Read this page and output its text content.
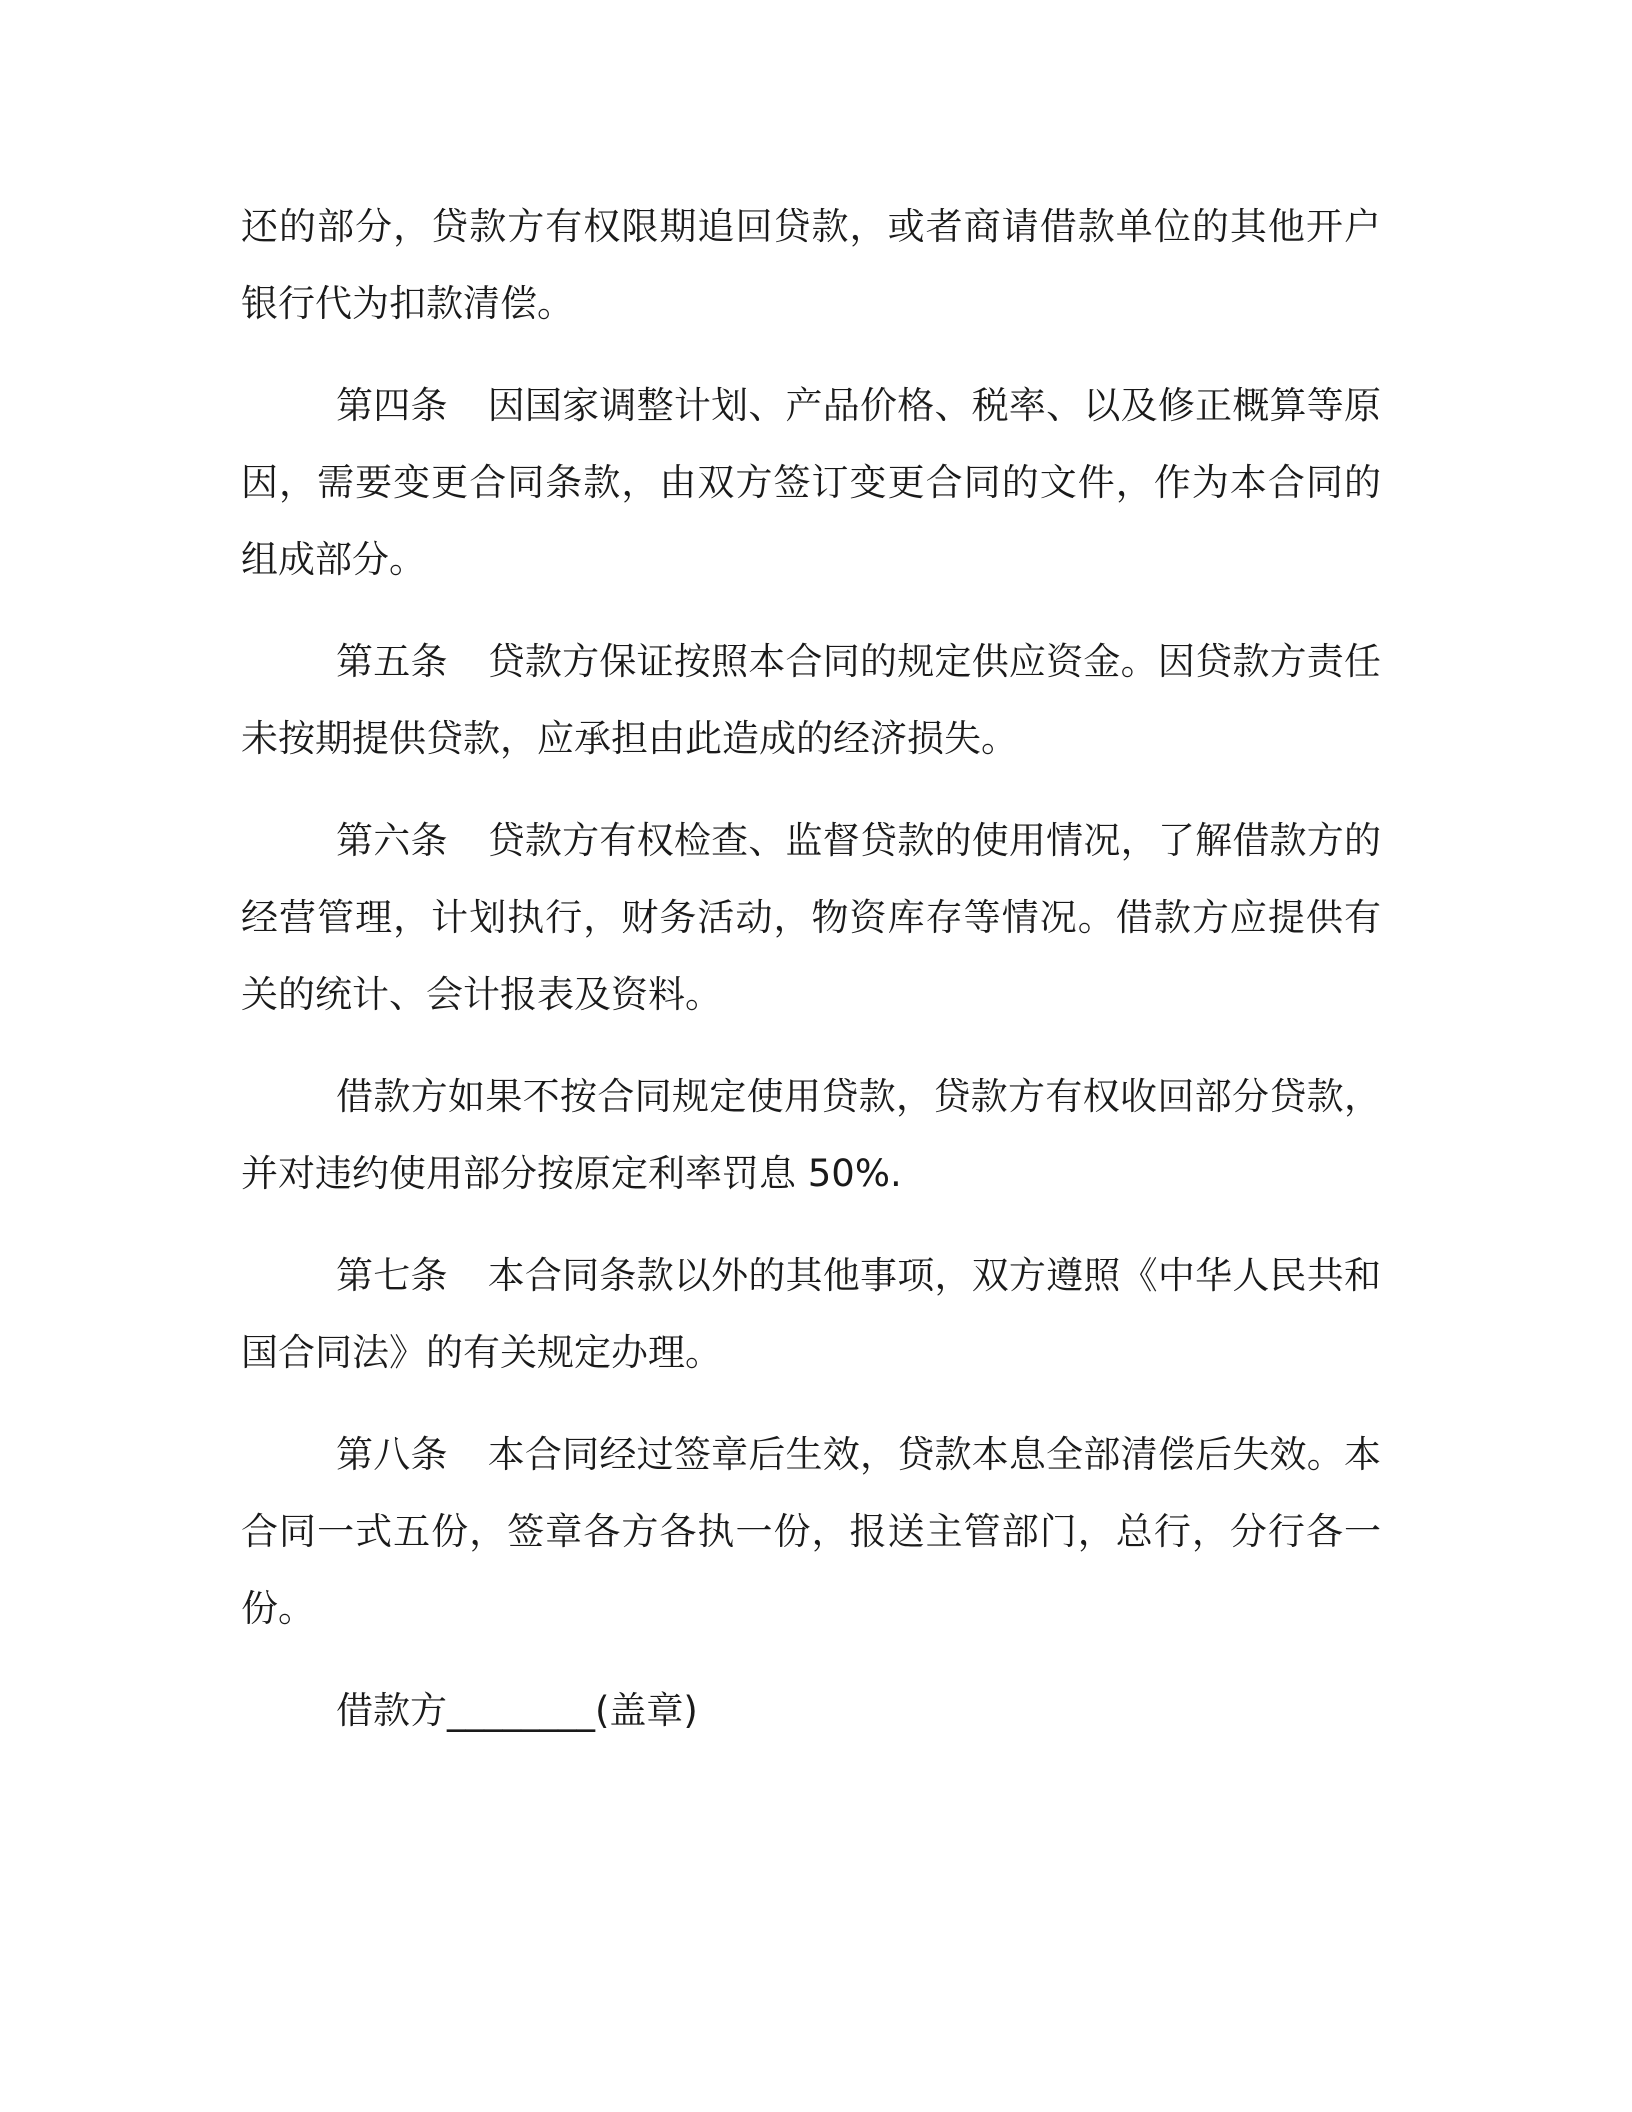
还的部分，贷款方有权限期追回贷款，或者商请借款单位的其他开户银行代为扣款清偿。

第四条 因国家调整计划、产品价格、税率、以及修正概算等原因，需要变更合同条款，由双方签订变更合同的文件，作为本合同的组成部分。

第五条 贷款方保证按照本合同的规定供应资金。因贷款方责任未按期提供贷款，应承担由此造成的经济损失。

第六条 贷款方有权检查、监督贷款的使用情况，了解借款方的经营管理，计划执行，财务活动，物资库存等情况。借款方应提供有关的统计、会计报表及资料。

借款方如果不按合同规定使用贷款，贷款方有权收回部分贷款，并对违约使用部分按原定利率罚息 50%.

第七条 本合同条款以外的其他事项，双方遵照《中华人民共和国合同法》的有关规定办理。

第八条 本合同经过签章后生效，贷款本息全部清偿后失效。本合同一式五份，签章各方各执一份，报送主管部门，总行，分行各一份。

借款方________(盖章)
